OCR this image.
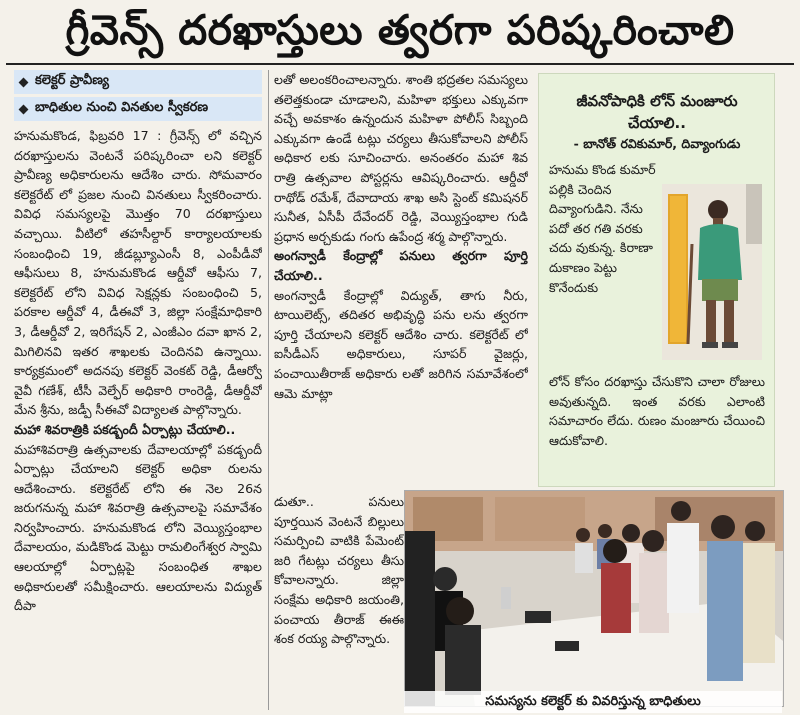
గ్రీవెన్స్ దరఖాస్తులు త్వరగా పరిష్కరించాలి
కలెక్టర్ ప్రావీణ్య
బాధితుల నుంచి వినతుల స్వీకరణ

హనుమకొండ, ఫిబ్రవరి 17 : గ్రీవెన్స్ లో వచ్చిన దరఖాస్తులను వెంటనే పరిష్కరించా లని కలెక్టర్ ప్రావీణ్య అధికారులను ఆదేశిం చారు. సోమవారం కలెక్టరేట్ లో ప్రజల నుంచి వినతులు స్వీకరించారు. వివిధ సమస్యలపై మొత్తం 70 దరఖాస్తులు వచ్చాయి. వీటిలో తహసీల్దార్ కార్యాలయాలకు సంబంధించి 19, జీడబ్ల్యూఎంసీ 8, ఎంపీడీవో ఆఫీసులు 8, హనుమకొండ ఆర్డీవో ఆఫీసు 7, కలెక్టరేట్ లోని వివిధ సెక్షన్లకు సంబంధించి 5, పరకాల ఆర్డీవో 4, డీఈవో 3, జిల్లా సంక్షేమాధికారి 3, డీఆర్డీవో 2, ఇరిగేషన్ 2, ఎంజీఎం దవా ఖాన 2, మిగిలినవి ఇతర శాఖలకు చెందినవి ఉన్నాయి. కార్యక్రమంలో అదనపు కలెక్టర్ వెంకట్ రెడ్డి, డీఆర్వో వైవీ గణేశ్, టీసీ వెల్ఫేర్ అధికారి రాంరెడ్డి, డీఆర్డీవో మేన శ్రీను, జడ్పీ సీఈవో విద్యాలత పాల్గొన్నారు.

మహా శివరాత్రికి పకడ్బందీ ఏర్పాట్లు చేయాలి..

మహాశివరాత్రి ఉత్సవాలకు దేవాలయాల్లో పకడ్బందీ ఏర్పాట్లు చేయాలని కలెక్టర్ అధికా రులను ఆదేశించారు. కలెక్టరేట్ లోని ఈ నెల 26న జరుగనున్న మహా శివరాత్రి ఉత్సవాలపై సమావేశం నిర్వహించారు. హనుమకొండ లోని వెయ్యిస్తంభాల దేవాలయం, మడికొండ మెట్టు రామలింగేశ్వర స్వామి ఆలయాల్లో ఏర్పాట్లపై సంబంధిత శాఖల అధికారులతో సమీక్షించారు. ఆలయాలను విద్యుత్ దీపా

లతో అలంకరించాలన్నారు. శాంతి భద్రతల సమస్యలు తలెత్తకుండా చూడాలని, మహిళా భక్తులు ఎక్కువగా వచ్చే అవకాశం ఉన్నందున మహిళా పోలీస్ సిబ్బంది ఎక్కువగా ఉండే టట్లు చర్యలు తీసుకోవాలని పోలీస్ అధికార లకు సూచించారు. అనంతరం మహా శివ రాత్రి ఉత్సవాల పోస్టర్లను ఆవిష్కరించారు. ఆర్డీవో రాథోడ్ రమేశ్, దేవాదాయ శాఖ అసి స్టెంట్ కమిషనర్ సునీత, ఏసీపీ దేవేందర్ రెడ్డి, వెయ్యిస్తంభాల గుడి ప్రధాన అర్చకుడు గంగు ఉపేంద్ర శర్మ పాల్గొన్నారు.

అంగన్వాడీ కేంద్రాల్లో పనులు త్వరగా పూర్తి చేయాలి..

అంగన్వాడీ కేంద్రాల్లో విద్యుత్, తాగు నీరు, టాయిలెట్స్, తదితర అభివృద్ధి పను లను త్వరగా పూర్తి చేయాలని కలెక్టర్ ఆదేశిం చారు. కలెక్టరేట్ లో ఐసీడీఎస్ అధికారులు, సూపర్ వైజర్లు, పంచాయితీరాజ్ అధికారు లతో జరిగిన సమావేశంలో ఆమె మాట్లా

డుతూ.. పనులు పూర్తయిన వెంటనే బిల్లులు సమర్పించి వాటికి పేమెంట్ జరి గేటట్లు చర్యలు తీసు కోవాలన్నారు. జిల్లా సంక్షేమ అధికారి జయంతి, పంచాయ తీరాజ్ ఈఈ శంక రయ్య పాల్గొన్నారు.

జీవనోపాధికి లోన్ మంజూరు చేయాలి..
- బానోత్ రవికుమార్, దివ్యాంగుడు
హనుమ కొండ కుమార్ పల్లికి చెందిన దివ్యాంగుడిని. నేను పదో తర గతి వరకు చదు వుకున్న. కిరాణా దుకాణం పెట్టు కొనేందుకు
లోన్ కోసం దరఖాస్తు చేసుకొని చాలా రోజులు అవుతున్నది. ఇంత వరకు ఎలాంటి సమాచారం లేదు. రుణం మంజూరు చేయించి ఆదుకోవాలి.
సమస్యను కలెక్టర్ కు వివరిస్తున్న బాధితులు
